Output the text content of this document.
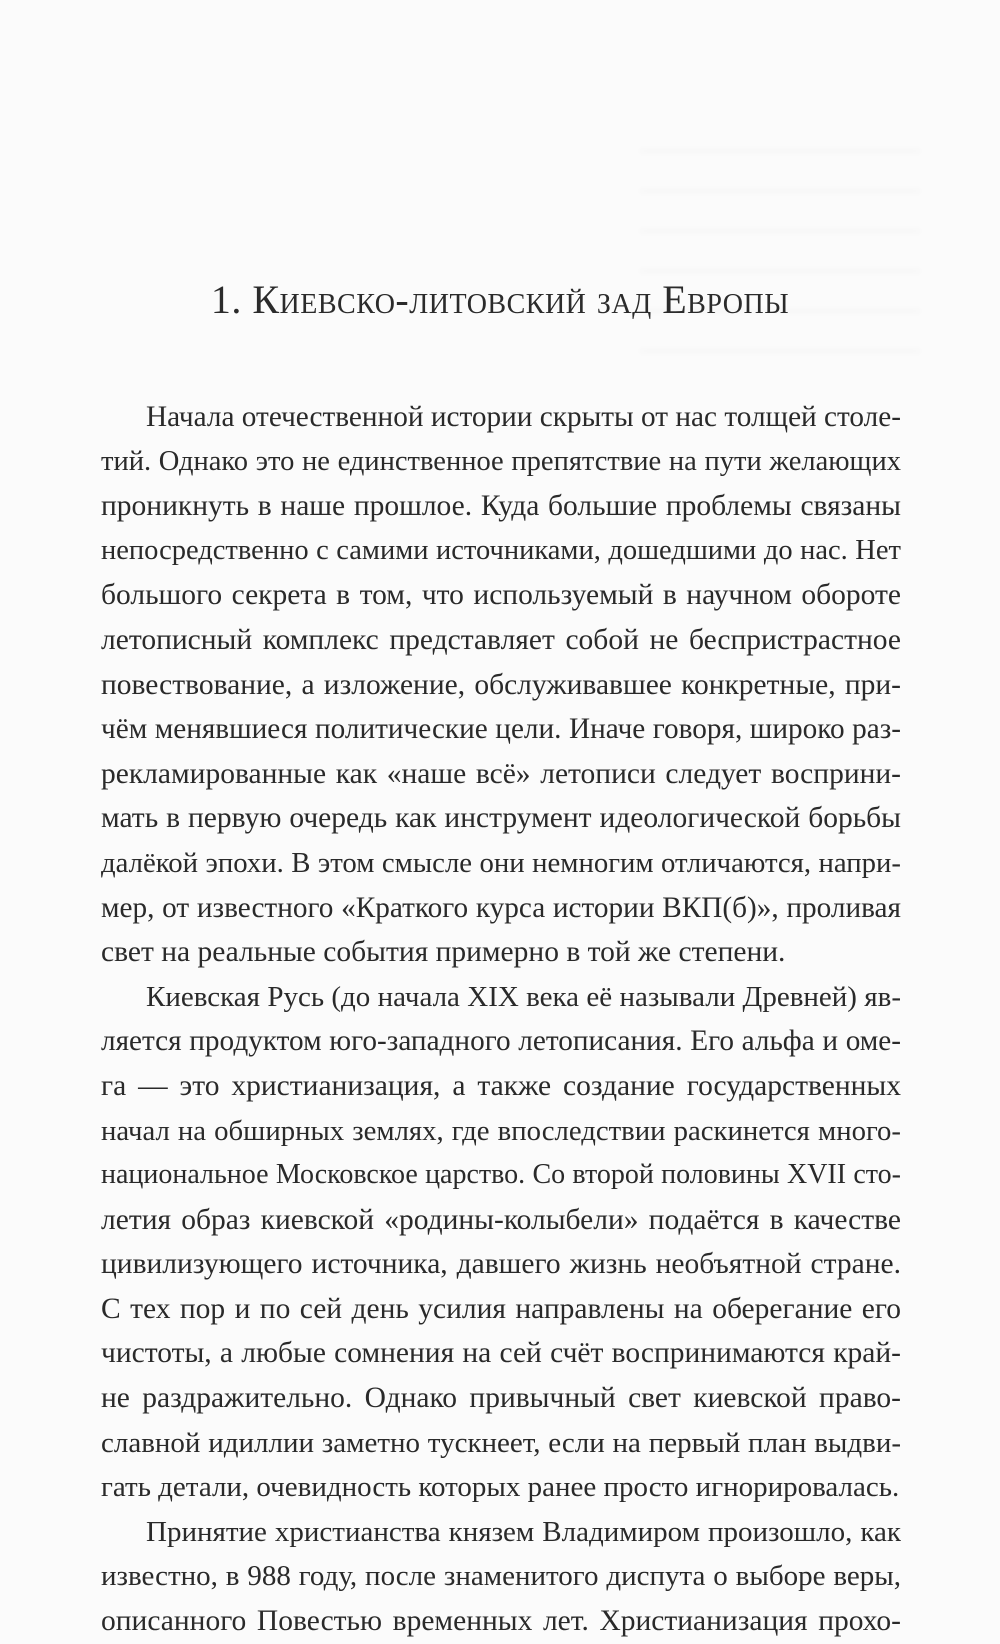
1. Киевско-литовский зад Европы
Начала отечественной истории скрыты от нас толщей столе-
тий. Однако это не единственное препятствие на пути желающих
проникнуть в наше прошлое. Куда большие проблемы связаны
непосредственно с самими источниками, дошедшими до нас. Нет
большого секрета в том, что используемый в научном обороте
летописный комплекс представляет собой не беспристрастное
повествование, а изложение, обслуживавшее конкретные, при-
чём менявшиеся политические цели. Иначе говоря, широко раз-
рекламированные как «наше всё» летописи следует восприни-
мать в первую очередь как инструмент идеологической борьбы
далёкой эпохи. В этом смысле они немногим отличаются, напри-
мер, от известного «Краткого курса истории ВКП(б)», проливая
свет на реальные события примерно в той же степени.
Киевская Русь (до начала XIX века её называли Древней) яв-
ляется продуктом юго-западного летописания. Его альфа и оме-
га — это христианизация, а также создание государственных
начал на обширных землях, где впоследствии раскинется много-
национальное Московское царство. Со второй половины XVII сто-
летия образ киевской «родины-колыбели» подаётся в качестве
цивилизующего источника, давшего жизнь необъятной стране.
С тех пор и по сей день усилия направлены на оберегание его
чистоты, а любые сомнения на сей счёт воспринимаются край-
не раздражительно. Однако привычный свет киевской право-
славной идиллии заметно тускнеет, если на первый план выдви-
гать детали, очевидность которых ранее просто игнорировалась.
Принятие христианства князем Владимиром произошло, как
известно, в 988 году, после знаменитого диспута о выборе веры,
описанного Повестью временных лет. Христианизация прохо-
